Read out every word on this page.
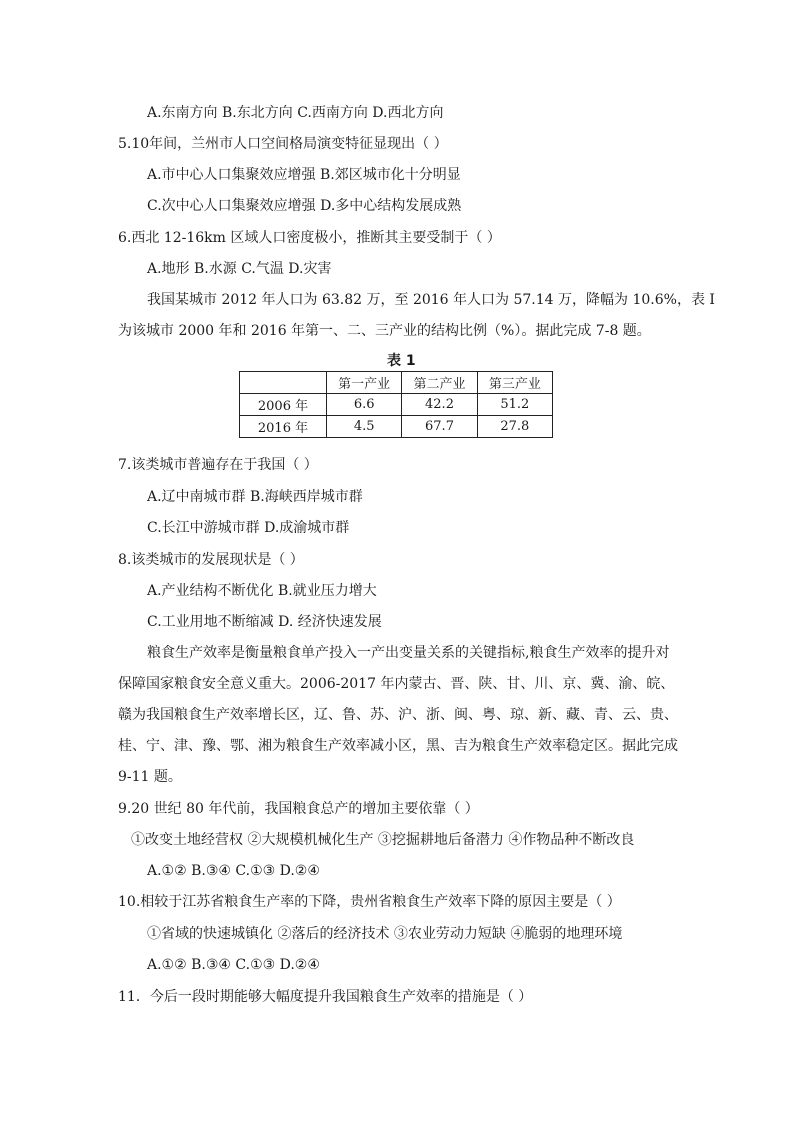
A.东南方向 B.东北方向 C.西南方向 D.西北方向
5.10年间，兰州市人口空间格局演变特征显现出（ ）
A.市中心人口集聚效应增强 B.郊区城市化十分明显
C.次中心人口集聚效应增强 D.多中心结构发展成熟
6.西北 12-16km 区域人口密度极小，推断其主要受制于（ ）
A.地形 B.水源 C.气温 D.灾害
我国某城市 2012 年人口为 63.82 万，至 2016 年人口为 57.14 万，降幅为 10.6%，表 I
为该城市 2000 年和 2016 年第一、二、三产业的结构比例（%）。据此完成 7-8 题。
表 1
	第一产业	第二产业	第三产业
2006 年	6.6	42.2	51.2
2016 年	4.5	67.7	27.8
7.该类城市普遍存在于我国（ ）
A.辽中南城市群 B.海峡西岸城市群
C.长江中游城市群 D.成渝城市群
8.该类城市的发展现状是（ ）
A.产业结构不断优化 B.就业压力增大
C.工业用地不断缩减 D. 经济快速发展
粮食生产效率是衡量粮食单产投入一产出变量关系的关键指标,粮食生产效率的提升对
保障国家粮食安全意义重大。2006-2017 年内蒙古、晋、陕、甘、川、京、冀、渝、皖、
赣为我国粮食生产效率增长区，辽、鲁、苏、沪、浙、闽、粤、琼、新、藏、青、云、贵、
桂、宁、津、豫、鄂、湘为粮食生产效率减小区，黑、吉为粮食生产效率稳定区。据此完成
9-11 题。
9.20 世纪 80 年代前，我国粮食总产的增加主要依靠（ ）
①改变土地经营权 ②大规模机械化生产 ③挖掘耕地后备潜力 ④作物品种不断改良
A.①② B.③④ C.①③ D.②④
10.相较于江苏省粮食生产率的下降，贵州省粮食生产效率下降的原因主要是（ ）
①省域的快速城镇化 ②落后的经济技术 ③农业劳动力短缺 ④脆弱的地理环境
A.①② B.③④ C.①③ D.②④
11．今后一段时期能够大幅度提升我国粮食生产效率的措施是（ ）
